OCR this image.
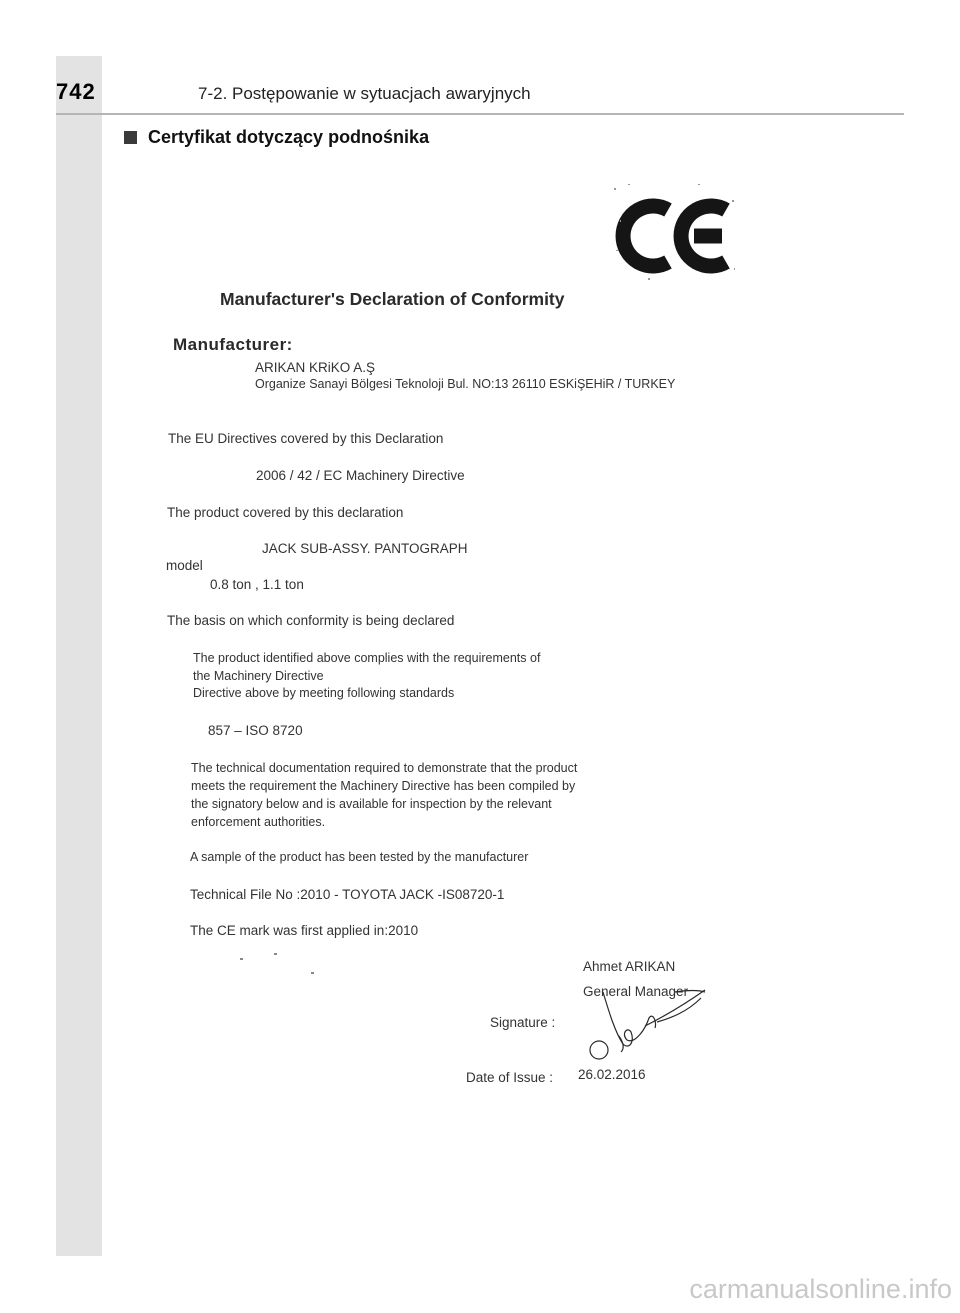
742	7-2. Postępowanie w sytuacjach awaryjnych
Certyfikat dotyczący podnośnika
Manufacturer's Declaration of Conformity
Manufacturer:
ARIKAN KRiKO A.Ş
Organize Sanayi Bölgesi Teknoloji Bul. NO:13 26110 ESKiŞEHiR / TURKEY
The EU Directives covered by this Declaration
2006 / 42 / EC Machinery Directive
The product covered by this declaration
JACK SUB-ASSY. PANTOGRAPH
model
0.8 ton , 1.1 ton
The basis on which conformity is being declared
The product identified above complies with the requirements of
the Machinery Directive
Directive above by meeting following standards
857 – ISO 8720
The technical documentation required to demonstrate that the product
meets the requirement the Machinery Directive has been compiled by
the signatory below and is available for inspection by the relevant
enforcement authorities.
A sample of the product has been tested by the manufacturer
Technical File No :2010 - TOYOTA JACK -IS08720-1
The CE mark was first applied in:2010
Ahmet ARIKAN
General Manager
Signature :
Date of Issue : 26.02.2016
carmanualsonline.info
